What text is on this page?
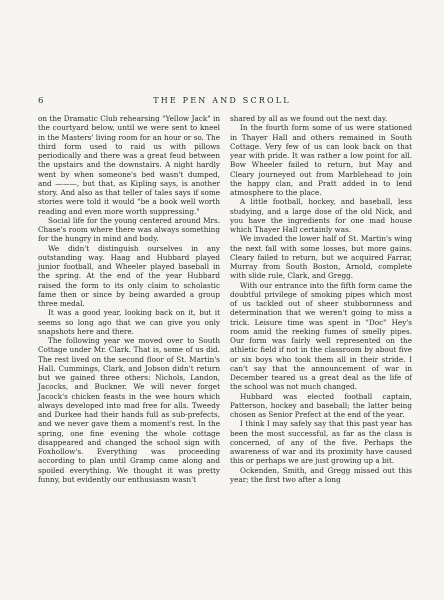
6	THE PEN AND SCROLL

on the Dramatic Club rehearsing "Yellow Jack" in the courtyard below, until we were sent to kneel in the Masters' living room for an hour or so. The third form used to raid us with pillows periodically and there was a great feud between the upstairs and the downstairs. A night hardly went by when someone's bed wasn't dumped, and ———, but that, as Kipling says, is another story. And also as that teller of tales says if some stories were told it would "be a book well worth reading and even more worth suppressing."

Social life for the young centered around Mrs. Chase's room where there was always something for the hungry in mind and body.

We didn't distinguish ourselves in any outstanding way. Haag and Hubbard played junior football, and Wheeler played baseball in the spring. At the end of the year Hubbard raised the form to its only claim to scholastic fame then or since by being awarded a group three medal.

It was a good year, looking back on it, but it seems so long ago that we can give you only snapshots here and there.

The following year we moved over to South Cottage under Mr. Clark. That is, some of us did. The rest lived on the second floor of St. Martin's Hall. Cummings, Clark, and Jobson didn't return but we gained three others: Nichols, Landon, Jacocks, and Buckner. We will never forget Jacock's chicken feasts in the wee hours which always developed into mad free for alls. Tweedy and Durkee had their hands full as sub-prefects, and we never gave them a moment's rest. In the spring, one fine evening the whole cottage disappeared and changed the school sign with Foxhollow's. Everything was proceeding according to plan until Gramp came along and spoiled everything. We thought it was pretty funny, but evidently our enthusiasm wasn't

shared by all as we found out the next day.

In the fourth form some of us were stationed in Thayer Hall and others remained in South Cottage. Very few of us can look back on that year with pride. It was rather a low point for all. Bow Wheeler failed to return, but May and Cleary journeyed out from Marblehead to join the happy clan, and Pratt added in to lend atmosphere to the place.

A little football, hockey, and baseball, less studying, and a large dose of the old Nick, and you have the ingredients for one mad house which Thayer Hall certainly was.

We invaded the lower half of St. Martin's wing the next fall with some losses, but more gains. Cleary failed to return, but we acquired Farrar, Murray from South Boston, Arnold, complete with slide rule, Clark, and Gregg.

With our entrance into the fifth form came the doubtful privilege of smoking pipes which most of us tackled out of sheer stubbornness and determination that we weren't going to miss a trick. Leisure time was spent in "Doc" Hey's room amid the reeking fumes of smelly pipes. Our form was fairly well represented on the athletic field if not in the classroom by about five or six boys who took them all in their stride. I can't say that the announcement of war in December teared us a great deal as the life of the school was not much changed.

Hubbard was elected football captain, Patterson, hockey and baseball; the latter being chosen as Senior Prefect at the end of the year.

I think I may safely say that this past year has been the most successful, as far as the class is concerned, of any of the five. Perhaps the awareness of war and its proximity have caused this or perhaps we are just growing up a bit.

Ockenden, Smith, and Gregg missed out this year; the first two after a long
